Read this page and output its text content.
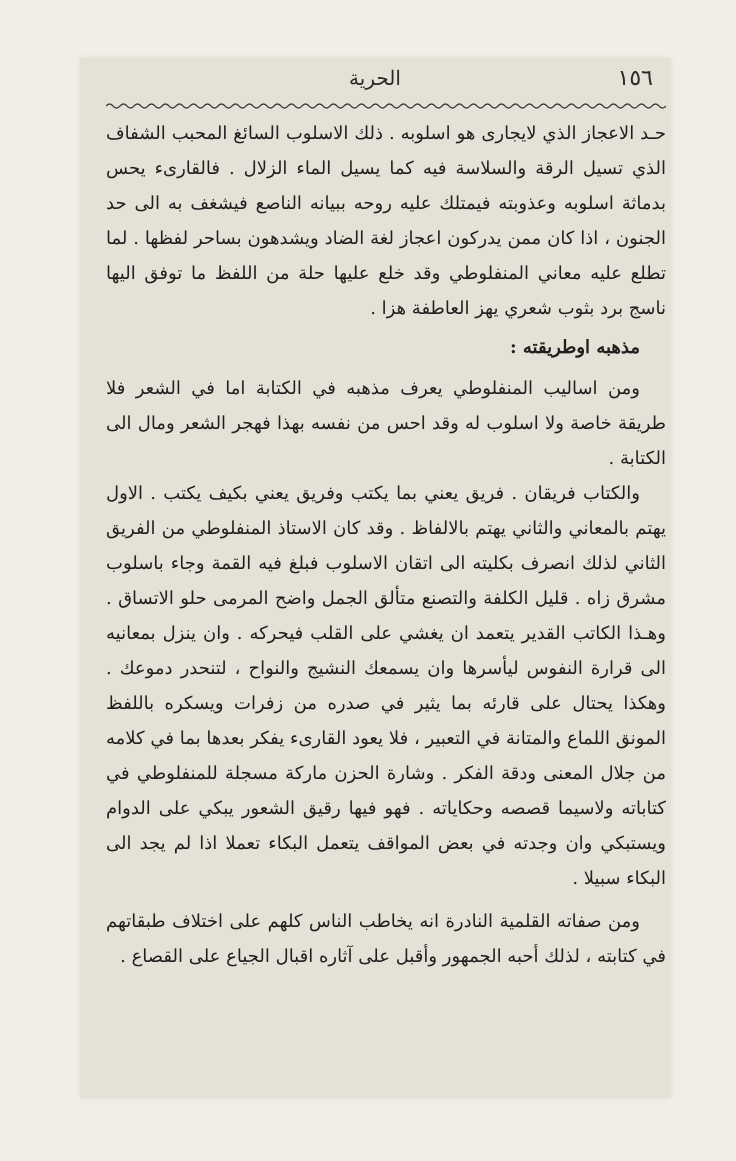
١٥٦
الحرية

حـد الاعجاز الذي لايجارى هو اسلوبه . ذلك الاسلوب السائغ المحبب الشفاف الذي تسيل الرقة والسلاسة فيه كما يسيل الماء الزلال . فالقارىء يحس بدماثة اسلوبه وعذوبته فيمتلك عليه روحه ببيانه الناصع فيشغف به الى حد الجنون ، اذا كان ممن يدركون اعجاز لغة الضاد ويشدهون بساحر لفظها . لما تطلع عليه معاني المنفلوطي وقد خلع عليها حلة من اللفظ ما توفق اليها ناسج برد بثوب شعري يهز العاطفة هزا .

مذهبه اوطريقته :

ومن اساليب المنفلوطي يعرف مذهبه في الكتابة اما في الشعر فلا طريقة خاصة ولا اسلوب له وقد احس من نفسه بهذا فهجر الشعر ومال الى الكتابة .

والكتاب فريقان . فريق يعني بما يكتب وفريق يعني بكيف يكتب . الاول يهتم بالمعاني والثاني يهتم بالالفاظ . وقد كان الاستاذ المنفلوطي من الفريق الثاني لذلك انصرف بكليته الى اتقان الاسلوب فبلغ فيه القمة وجاء باسلوب مشرق زاه . قليل الكلفة والتصنع متألق الجمل واضح المرمى حلو الاتساق . وهـذا الكاتب القدير يتعمد ان يغشي على القلب فيحركه . وان ينزل بمعانيه الى قرارة النفوس ليأسرها وان يسمعك النشيج والنواح ، لتنحدر دموعك . وهكذا يحتال على قارئه بما يثير في صدره من زفرات ويسكره باللفظ المونق اللماع والمتانة في التعبير ، فلا يعود القارىء يفكر بعدها بما في كلامه من جلال المعنى ودقة الفكر . وشارة الحزن ماركة مسجلة للمنفلوطي في كتاباته ولاسيما قصصه وحكاياته . فهو فيها رقيق الشعور يبكي على الدوام ويستبكي وان وجدته في بعض المواقف يتعمل البكاء تعملا اذا لم يجد الى البكاء سبيلا .

ومن صفاته القلمية النادرة انه يخاطب الناس كلهم على اختلاف طبقاتهم في كتابته ، لذلك أحبه الجمهور وأقبل على آثاره اقبال الجياع على القصاع .
